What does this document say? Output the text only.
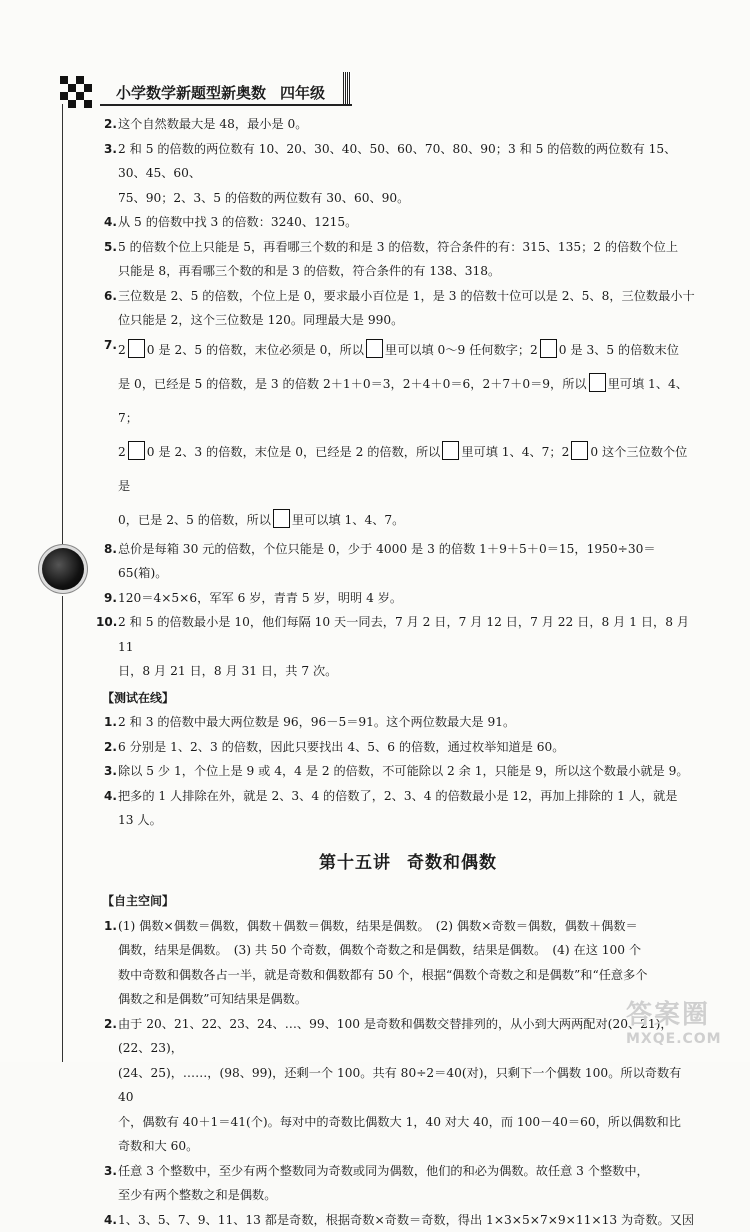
小学数学新题型新奥数 四年级
2. 这个自然数最大是 48，最小是 0。

3. 2 和 5 的倍数的两位数有 10、20、30、40、50、60、70、80、90；3 和 5 的倍数的两位数有 15、30、45、60、

75、90；2、3、5 的倍数的两位数有 30、60、90。

4. 从 5 的倍数中找 3 的倍数：3240、1215。

5. 5 的倍数个位上只能是 5，再看哪三个数的和是 3 的倍数，符合条件的有：315、135；2 的倍数个位上

只能是 8，再看哪三个数的和是 3 的倍数，符合条件的有 138、318。

6. 三位数是 2、5 的倍数，个位上是 0，要求最小百位是 1，是 3 的倍数十位可以是 2、5、8，三位数最小十

位只能是 2，这个三位数是 120。同理最大是 990。

7. 2 0 是 2、5 的倍数，末位必须是 0，所以 里可以填 0～9 任何数字；2 0 是 3、5 的倍数末位

是 0，已经是 5 的倍数，是 3 的倍数 2＋1＋0＝3，2＋4＋0＝6，2＋7＋0＝9，所以 里可填 1、4、7；

2 0 是 2、3 的倍数，末位是 0，已经是 2 的倍数，所以 里可填 1、4、7；2 0 这个三位数个位是

0，已是 2、5 的倍数，所以 里可以填 1、4、7。

8. 总价是每箱 30 元的倍数，个位只能是 0，少于 4000 是 3 的倍数 1＋9＋5＋0＝15，1950÷30＝

65(箱)。

9. 120＝4×5×6，军军 6 岁，青青 5 岁，明明 4 岁。

10. 2 和 5 的倍数最小是 10，他们每隔 10 天一同去，7 月 2 日，7 月 12 日，7 月 22 日，8 月 1 日，8 月 11

日，8 月 21 日，8 月 31 日，共 7 次。

【测试在线】
1. 2 和 3 的倍数中最大两位数是 96，96－5＝91。这个两位数最大是 91。

2. 6 分别是 1、2、3 的倍数，因此只要找出 4、5、6 的倍数，通过枚举知道是 60。

3. 除以 5 少 1，个位上是 9 或 4，4 是 2 的倍数，不可能除以 2 余 1，只能是 9，所以这个数最小就是 9。

4. 把多的 1 人排除在外，就是 2、3、4 的倍数了，2、3、4 的倍数最小是 12，再加上排除的 1 人，就是

13 人。

第十五讲 奇数和偶数
【自主空间】
1. (1) 偶数×偶数＝偶数，偶数＋偶数＝偶数，结果是偶数。　(2) 偶数×奇数＝偶数，偶数＋偶数＝

偶数，结果是偶数。　(3) 共 50 个奇数，偶数个奇数之和是偶数，结果是偶数。　(4) 在这 100 个

数中奇数和偶数各占一半，就是奇数和偶数都有 50 个，根据“偶数个奇数之和是偶数”和“任意多个

偶数之和是偶数”可知结果是偶数。

2. 由于 20、21、22、23、24、…、99、100 是奇数和偶数交替排列的，从小到大两两配对(20、21)，(22、23)，

(24、25)，……，(98、99)，还剩一个 100。共有 80÷2＝40(对)，只剩下一个偶数 100。所以奇数有 40

个，偶数有 40＋1＝41(个)。每对中的奇数比偶数大 1，40 对大 40，而 100－40＝60，所以偶数和比

奇数和大 60。

3. 任意 3 个整数中，至少有两个整数同为奇数或同为偶数，他们的和必为偶数。故任意 3 个整数中，

至少有两个整数之和是偶数。

4. 1、3、5、7、9、11、13 都是奇数，根据奇数×奇数＝奇数，得出 1×3×5×7×9×11×13 为奇数。又因

答案圈
MXQE.COM
